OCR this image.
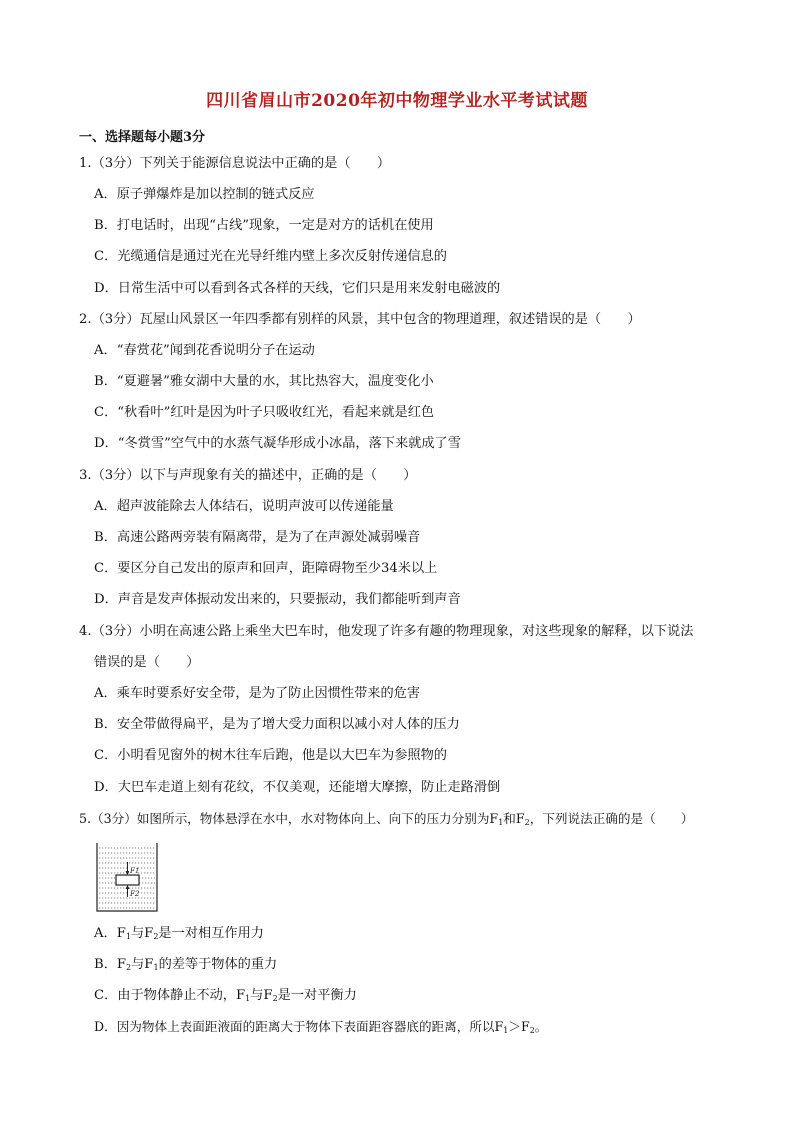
四川省眉山市2020年初中物理学业水平考试试题
一、选择题每小题3分
1.（3分）下列关于能源信息说法中正确的是（　　）
A．原子弹爆炸是加以控制的链式反应
B．打电话时，出现“占线”现象，一定是对方的话机在使用
C．光缆通信是通过光在光导纤维内壁上多次反射传递信息的
D．日常生活中可以看到各式各样的天线，它们只是用来发射电磁波的
2.（3分）瓦屋山风景区一年四季都有别样的风景，其中包含的物理道理，叙述错误的是（　　）
A．“春赏花”闻到花香说明分子在运动
B．“夏避暑”雅女湖中大量的水，其比热容大，温度变化小
C．“秋看叶”红叶是因为叶子只吸收红光，看起来就是红色
D．“冬赏雪”空气中的水蒸气凝华形成小冰晶，落下来就成了雪
3.（3分）以下与声现象有关的描述中，正确的是（　　）
A．超声波能除去人体结石，说明声波可以传递能量
B．高速公路两旁装有隔离带，是为了在声源处减弱噪音
C．要区分自己发出的原声和回声，距障碍物至少34米以上
D．声音是发声体振动发出来的，只要振动，我们都能听到声音
4.（3分）小明在高速公路上乘坐大巴车时，他发现了许多有趣的物理现象，对这些现象的解释，以下说法
错误的是（　　）
A．乘车时要系好安全带，是为了防止因惯性带来的危害
B．安全带做得扁平，是为了增大受力面积以减小对人体的压力
C．小明看见窗外的树木往车后跑，他是以大巴车为参照物的
D．大巴车走道上刻有花纹，不仅美观，还能增大摩擦，防止走路滑倒
5.（3分）如图所示，物体悬浮在水中，水对物体向上、向下的压力分别为$F_1$和$F_2$，下列说法正确的是（　　）
F1
F2
A．$F_1$与$F_2$是一对相互作用力
B．$F_2$与$F_1$的差等于物体的重力
C．由于物体静止不动，$F_1$与$F_2$是一对平衡力
D．因为物体上表面距液面的距离大于物体下表面距容器底的距离，所以$F_1>F_2$。
